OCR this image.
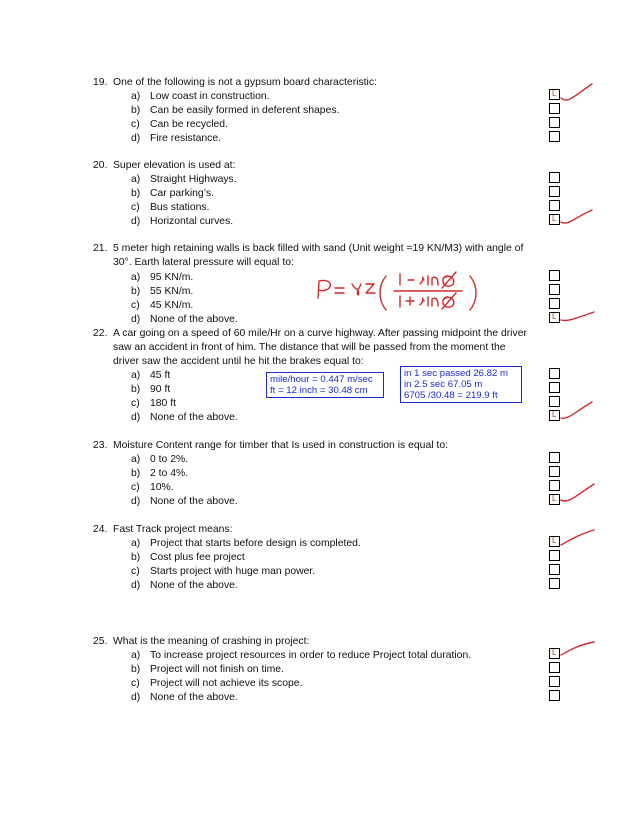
19. One of the following is not a gypsum board characteristic:
a) Low coast in construction.
b) Can be easily formed in deferent shapes.
c) Can be recycled.
d) Fire resistance.
L
20. Super elevation is used at:
a) Straight Highways.
b) Car parking’s.
c) Bus stations.
d) Horizontal curves.	L
21. 5 meter high retaining walls is back filled with sand (Unit weight =19 KN/M3) with angle of
30°. Earth lateral pressure will equal to:
a) 95 KN/m.
b) 55 KN/m.
c) 45 KN/m.
d) None of the above.	L
22. A car going on a speed of 60 mile/Hr on a curve highway. After passing midpoint the driver
saw an accident in front of him. The distance that will be passed from the moment the
driver saw the accident until he hit the brakes equal to:
a) 45 ft
b) 90 ft
c) 180 ft
d) None of the above.	L
mile/hour = 0.447 m/sec
ft = 12 inch = 30.48 cm
in 1 sec passed 26.82 m
in 2.5 sec 67.05 m
6705 /30.48 = 219.9 ft
23. Moisture Content range for timber that Is used in construction is equal to:
a) 0 to 2%.
b) 2 to 4%.
c) 10%.
d) None of the above.	L
24. Fast Track project means:
a) Project that starts before design is completed.
b) Cost plus fee project
c) Starts project with huge man power.
d) None of the above.
L
25. What is the meaning of crashing in project:
a) To increase project resources in order to reduce Project total duration.
b) Project will not finish on time.
c) Project will not achieve its scope.
d) None of the above.
L
